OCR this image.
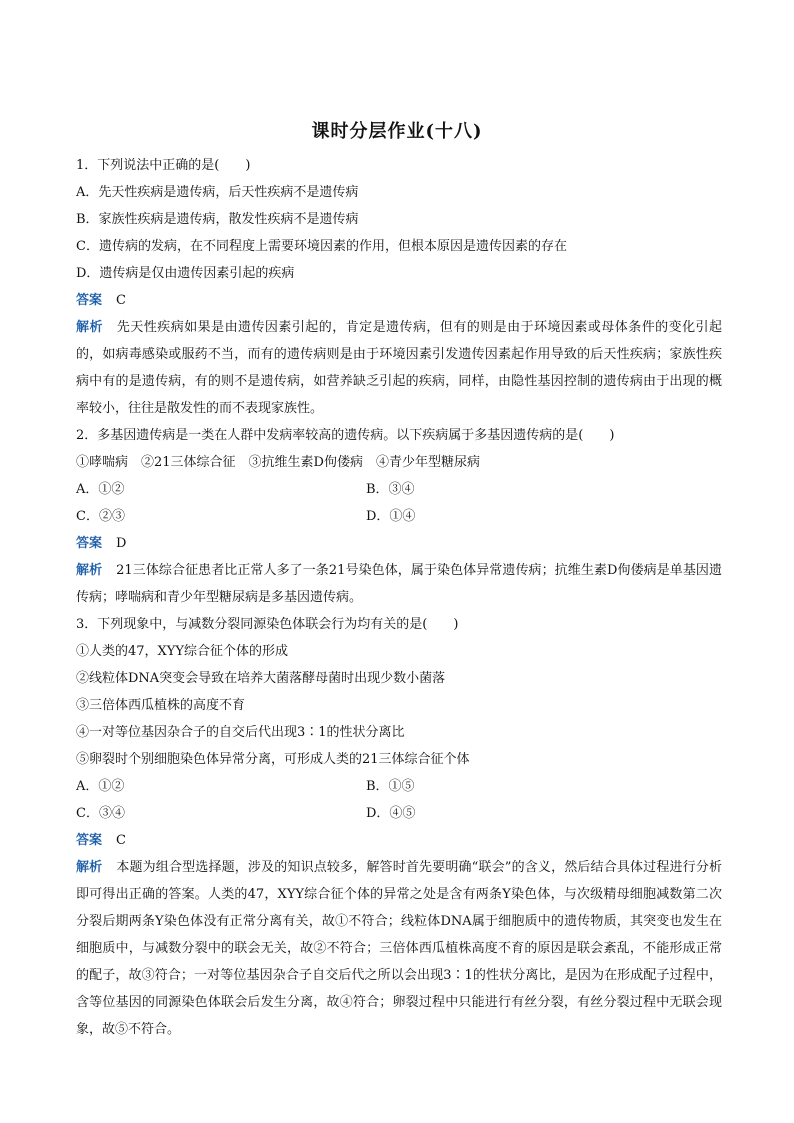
课时分层作业(十八)
1．下列说法中正确的是(　　)
A．先天性疾病是遗传病，后天性疾病不是遗传病
B．家族性疾病是遗传病，散发性疾病不是遗传病
C．遗传病的发病，在不同程度上需要环境因素的作用，但根本原因是遗传因素的存在
D．遗传病是仅由遗传因素引起的疾病
答案 C
解析 先天性疾病如果是由遗传因素引起的，肯定是遗传病，但有的则是由于环境因素或母体条件的变化引起的，如病毒感染或服药不当，而有的遗传病则是由于环境因素引发遗传因素起作用导致的后天性疾病；家族性疾病中有的是遗传病，有的则不是遗传病，如营养缺乏引起的疾病，同样，由隐性基因控制的遗传病由于出现的概率较小，往往是散发性的而不表现家族性。
2．多基因遗传病是一类在人群中发病率较高的遗传病。以下疾病属于多基因遗传病的是(　　)
①哮喘病　②21三体综合征　③抗维生素D佝偻病　④青少年型糖尿病
A．①②	B．③④
C．②③	D．①④
答案 D
解析 21三体综合征患者比正常人多了一条21号染色体，属于染色体异常遗传病；抗维生素D佝偻病是单基因遗传病；哮喘病和青少年型糖尿病是多基因遗传病。
3．下列现象中，与减数分裂同源染色体联会行为均有关的是(　　)
①人类的47，XYY综合征个体的形成
②线粒体DNA突变会导致在培养大菌落酵母菌时出现少数小菌落
③三倍体西瓜植株的高度不育
④一对等位基因杂合子的自交后代出现3∶1的性状分离比
⑤卵裂时个别细胞染色体异常分离，可形成人类的21三体综合征个体
A．①②	B．①⑤
C．③④	D．④⑤
答案 C
解析 本题为组合型选择题，涉及的知识点较多，解答时首先要明确“联会”的含义，然后结合具体过程进行分析即可得出正确的答案。人类的47，XYY综合征个体的异常之处是含有两条Y染色体，与次级精母细胞减数第二次分裂后期两条Y染色体没有正常分离有关，故①不符合；线粒体DNA属于细胞质中的遗传物质，其突变也发生在细胞质中，与减数分裂中的联会无关，故②不符合；三倍体西瓜植株高度不育的原因是联会紊乱，不能形成正常的配子，故③符合；一对等位基因杂合子自交后代之所以会出现3∶1的性状分离比，是因为在形成配子过程中，含等位基因的同源染色体联会后发生分离，故④符合；卵裂过程中只能进行有丝分裂，有丝分裂过程中无联会现象，故⑤不符合。
